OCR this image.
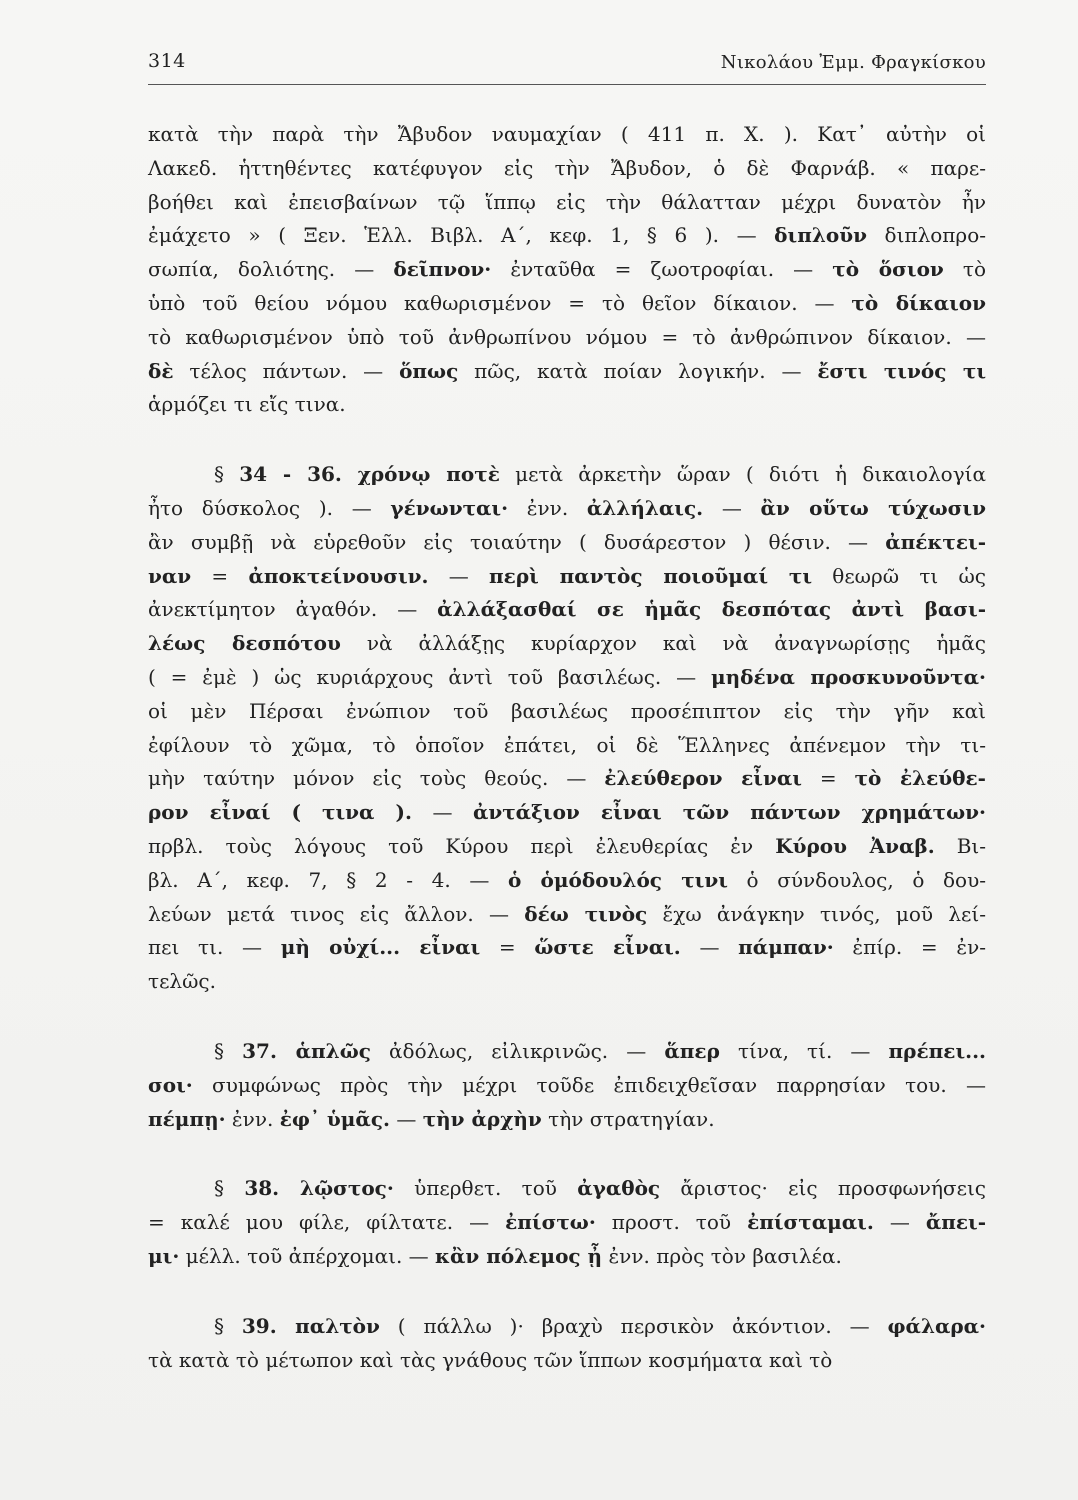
314	Νικολάου Ἐμμ. Φραγκίσκου
κατὰ τὴν παρὰ τὴν Ἄβυδον ναυμαχίαν ( 411 π. Χ. ). Κατ᾽ αὐτὴν οἱ
Λακεδ. ἡττηθέντες κατέφυγον εἰς τὴν Ἄβυδον, ὁ δὲ Φαρνάβ. « παρε-
βοήθει καὶ ἐπεισβαίνων τῷ ἵππῳ εἰς τὴν θάλατταν μέχρι δυνατὸν ἦν
ἐμάχετο » ( Ξεν. Ἑλλ. Βιβλ. Α΄, κεφ. 1, § 6 ). — διπλοῦν διπλοπρο-
σωπία, δολιότης. — δεῖπνον· ἐνταῦθα = ζωοτροφίαι. — τὸ ὅσιον τὸ
ὑπὸ τοῦ θείου νόμου καθωρισμένον = τὸ θεῖον δίκαιον. — τὸ δίκαιον
τὸ καθωρισμένον ὑπὸ τοῦ ἀνθρωπίνου νόμου = τὸ ἀνθρώπινον δίκαιον. —
δὲ τέλος πάντων. — ὅπως πῶς, κατὰ ποίαν λογικήν. — ἔστι τινός τι
ἁρμόζει τι εἴς τινα.
§ 34 - 36. χρόνῳ ποτὲ μετὰ ἀρκετὴν ὥραν ( διότι ἡ δικαιολογία
ἦτο δύσκολος ). — γένωνται· ἐνν. ἀλλήλαις. — ἂν οὕτω τύχωσιν
ἂν συμβῇ νὰ εὑρεθοῦν εἰς τοιαύτην ( δυσάρεστον ) θέσιν. — ἀπέκτει-
ναν = ἀποκτείνουσιν. — περὶ παντὸς ποιοῦμαί τι θεωρῶ τι ὡς
ἀνεκτίμητον ἀγαθόν. — ἀλλάξασθαί σε ἡμᾶς δεσπότας ἀντὶ βασι-
λέως δεσπότου νὰ ἀλλάξῃς κυρίαρχον καὶ νὰ ἀναγνωρίσῃς ἡμᾶς
( = ἐμὲ ) ὡς κυριάρχους ἀντὶ τοῦ βασιλέως. — μηδένα προσκυνοῦντα·
οἱ μὲν Πέρσαι ἐνώπιον τοῦ βασιλέως προσέπιπτον εἰς τὴν γῆν καὶ
ἐφίλουν τὸ χῶμα, τὸ ὁποῖον ἐπάτει, οἱ δὲ Ἕλληνες ἀπένεμον τὴν τι-
μὴν ταύτην μόνον εἰς τοὺς θεούς. — ἐλεύθερον εἶναι = τὸ ἐλεύθε-
ρον εἶναί ( τινα ). — ἀντάξιον εἶναι τῶν πάντων χρημάτων·
πρβλ. τοὺς λόγους τοῦ Κύρου περὶ ἐλευθερίας ἐν Κύρου Ἀναβ. Βι-
βλ. Α΄, κεφ. 7, § 2 - 4. — ὁ ὁμόδουλός τινι ὁ σύνδουλος, ὁ δου-
λεύων μετά τινος εἰς ἄλλον. — δέω τινὸς ἔχω ἀνάγκην τινός, μοῦ λεί-
πει τι. — μὴ οὐχί... εἶναι = ὥστε εἶναι. — πάμπαν· ἐπίρ. = ἐν-
τελῶς.
§ 37. ἁπλῶς ἀδόλως, εἰλικρινῶς. — ἅπερ τίνα, τί. — πρέπει...
σοι· συμφώνως πρὸς τὴν μέχρι τοῦδε ἐπιδειχθεῖσαν παρρησίαν του. —
πέμπῃ· ἐνν. ἐφ᾽ ὑμᾶς. — τὴν ἀρχὴν τὴν στρατηγίαν.
§ 38. λῷστος· ὑπερθετ. τοῦ ἀγαθὸς ἄριστος· εἰς προσφωνήσεις
= καλέ μου φίλε, φίλτατε. — ἐπίστω· προστ. τοῦ ἐπίσταμαι. — ἄπει-
μι· μέλλ. τοῦ ἀπέρχομαι. — κἂν πόλεμος ᾖ ἐνν. πρὸς τὸν βασιλέα.
§ 39. παλτὸν ( πάλλω )· βραχὺ περσικὸν ἀκόντιον. — φάλαρα·
τὰ κατὰ τὸ μέτωπον καὶ τὰς γνάθους τῶν ἵππων κοσμήματα καὶ τὸ
